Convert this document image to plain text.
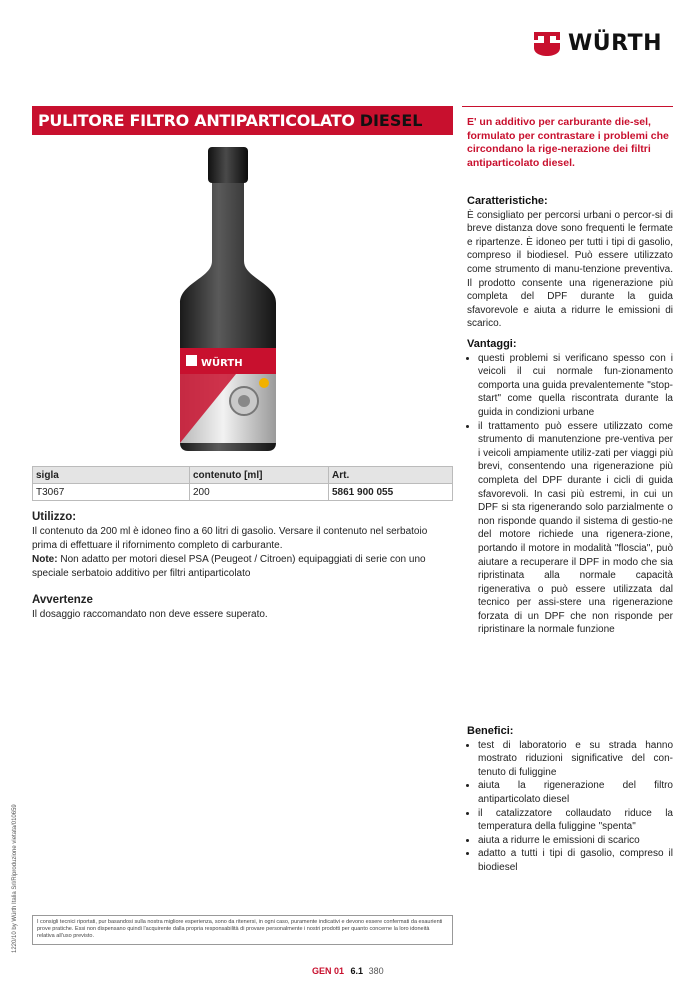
WÜRTH
PULITORE FILTRO ANTIPARTICOLATO DIESEL
WÜRTH
sigla	contenuto [ml]	Art.
T3067	200	5861 900 055
Utilizzo:

Il contenuto da 200 ml è idoneo fino a 60 litri di gasolio. Versare il contenuto nel serbatoio prima di effettuare il rifornimento completo di carburante.

Note: Non adatto per motori diesel PSA (Peugeot / Citroen) equipaggiati di serie con uno speciale serbatoio additivo per filtri antiparticolato

Avvertenze

Il dosaggio raccomandato non deve essere superato.

E' un additivo per carburante die-sel, formulato per contrastare i problemi che circondano la rige-nerazione dei filtri antiparticolato diesel.
Caratteristiche:

È consigliato per percorsi urbani o percor-si di breve distanza dove sono frequenti le fermate e ripartenze. È idoneo per tutti i tipi di gasolio, compreso il biodiesel. Può essere utilizzato come strumento di manu-tenzione preventiva. Il prodotto consente una rigenerazione più completa del DPF durante la guida sfavorevole e aiuta a ridurre le emissioni di scarico.

Vantaggi:
• questi problemi si verificano spesso con i veicoli il cui normale fun-zionamento comporta una guida prevalentemente "stop-start" come quella riscontrata durante la guida in condizioni urbane
• il trattamento può essere utilizzato come strumento di manutenzione pre-ventiva per i veicoli ampiamente utiliz-zati per viaggi più brevi, consentendo una rigenerazione più completa del DPF durante i cicli di guida sfavorevoli. In casi più estremi, in cui un DPF si sta rigenerando solo parzialmente o non risponde quando il sistema di gestio-ne del motore richiede una rigenera-zione, portando il motore in modalità "floscia", può aiutare a recuperare il DPF in modo che sia ripristinata alla normale capacità rigenerativa o può essere utilizzata dal tecnico per assi-stere una rigenerazione forzata di un DPF che non risponde per ripristinare la normale funzione
Benefici:
• test di laboratorio e su strada hanno mostrato riduzioni significative del con-tenuto di fuliggine
• aiuta la rigenerazione del filtro antiparticolato diesel
• il catalizzatore collaudato riduce la temperatura della fuliggine "spenta"
• aiuta a ridurre le emissioni di scarico
• adatto a tutti i tipi di gasolio, compreso il biodiesel
1220/10 by Würth Italia Srl/Riproduzione vietata/010659	I consigli tecnici riportati, pur basandosi sulla nostra migliore esperienza, sono da ritenersi, in ogni caso, puramente indicativi e devono essere confermati da esaurienti prove pratiche. Essi non dispensano quindi l'acquirente dalla propria responsabilità di provare personalmente i nostri prodotti per quanto concerne la loro idoneità relativa all'uso previsto.
GEN 01 6.1 380
